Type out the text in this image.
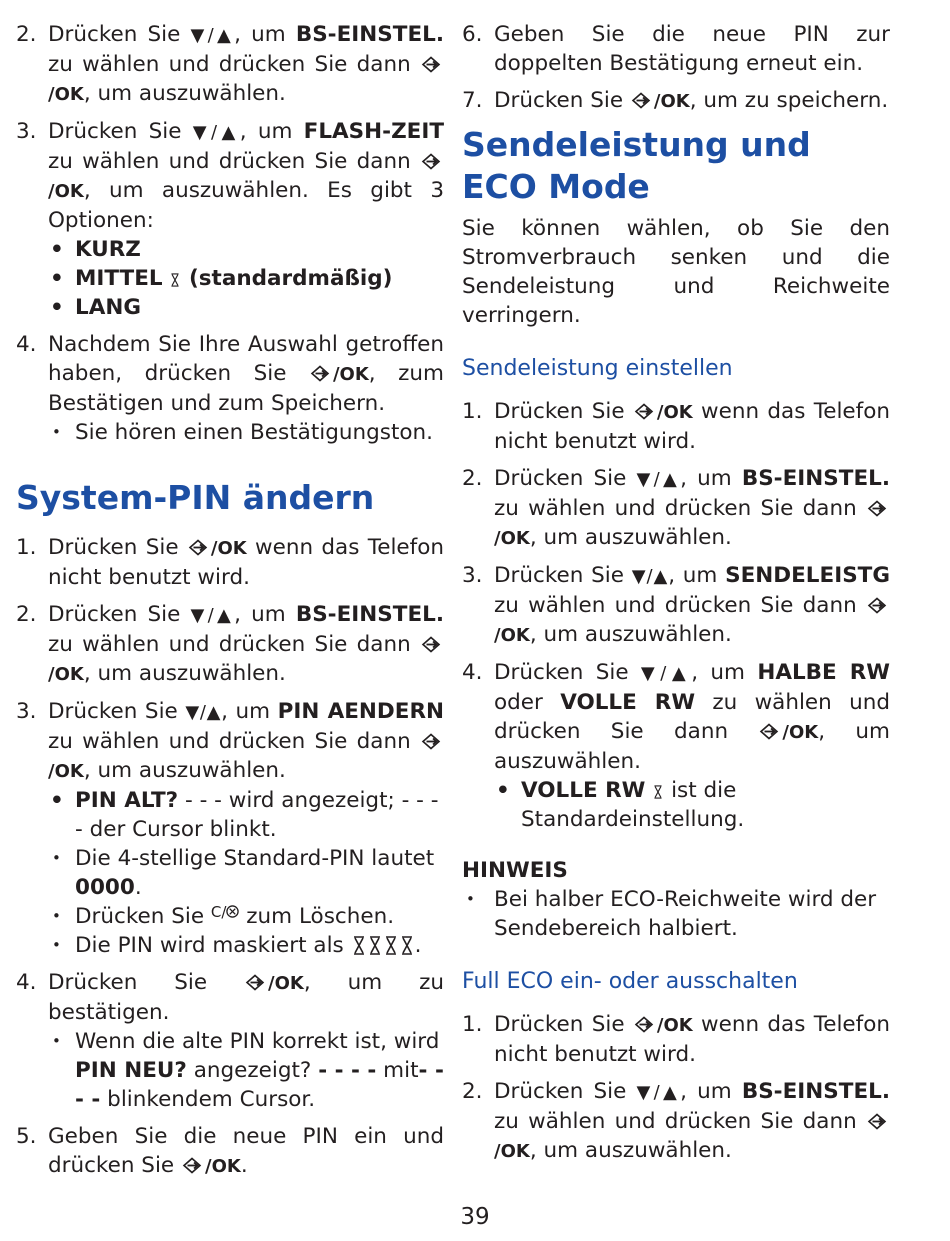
2. Drücken Sie ▼/▲, um BS-EINSTEL. zu wählen und drücken Sie dann /OK, um auszuwählen.

3. Drücken Sie ▼/▲, um FLASH-ZEIT zu wählen und drücken Sie dann /OK, um auszuwählen. Es gibt 3 Optionen:

• KURZ
• MITTEL  (standardmäßig)
• LANG
4. Nachdem Sie Ihre Auswahl getroffen haben, drücken Sie /OK, zum Bestätigen und zum Speichern.

• Sie hören einen Bestätigungston.
System-PIN ändern
1. Drücken Sie /OK wenn das Telefon nicht benutzt wird.

2. Drücken Sie ▼/▲, um BS-EINSTEL. zu wählen und drücken Sie dann /OK, um auszuwählen.

3. Drücken Sie ▼/▲, um PIN AENDERN zu wählen und drücken Sie dann /OK, um auszuwählen.

• PIN ALT? - - - wird angezeigt; - - - - der Cursor blinkt.
• Die 4-stellige Standard-PIN lautet 0000.
• Drücken Sie C/ zum Löschen.
• Die PIN wird maskiert als	.
4. Drücken Sie /OK, um zu bestätigen.

• Wenn die alte PIN korrekt ist, wird PIN NEU? angezeigt? - - - - mit- - - - blinkendem Cursor.
5. Geben Sie die neue PIN ein und drücken Sie /OK.

6. Geben Sie die neue PIN zur doppelten Bestätigung erneut ein.

7. Drücken Sie /OK, um zu speichern.

Sendeleistung und ECO Mode

Sie können wählen, ob Sie den Stromverbrauch senken und die Sendeleistung und Reichweite verringern.

Sendeleistung einstellen
1. Drücken Sie /OK wenn das Telefon nicht benutzt wird.

2. Drücken Sie ▼/▲, um BS-EINSTEL. zu wählen und drücken Sie dann /OK, um auszuwählen.

3. Drücken Sie ▼/▲, um SENDELEISTG zu wählen und drücken Sie dann /OK, um auszuwählen.

4. Drücken Sie ▼/▲, um HALBE RW oder VOLLE RW zu wählen und drücken Sie dann /OK, um auszuwählen.

• VOLLE RW  ist die Standardeinstellung.
HINWEIS
• Bei halber ECO-Reichweite wird der Sendebereich halbiert.
Full ECO ein- oder ausschalten
1. Drücken Sie /OK wenn das Telefon nicht benutzt wird.

2. Drücken Sie ▼/▲, um BS-EINSTEL. zu wählen und drücken Sie dann /OK, um auszuwählen.

39
